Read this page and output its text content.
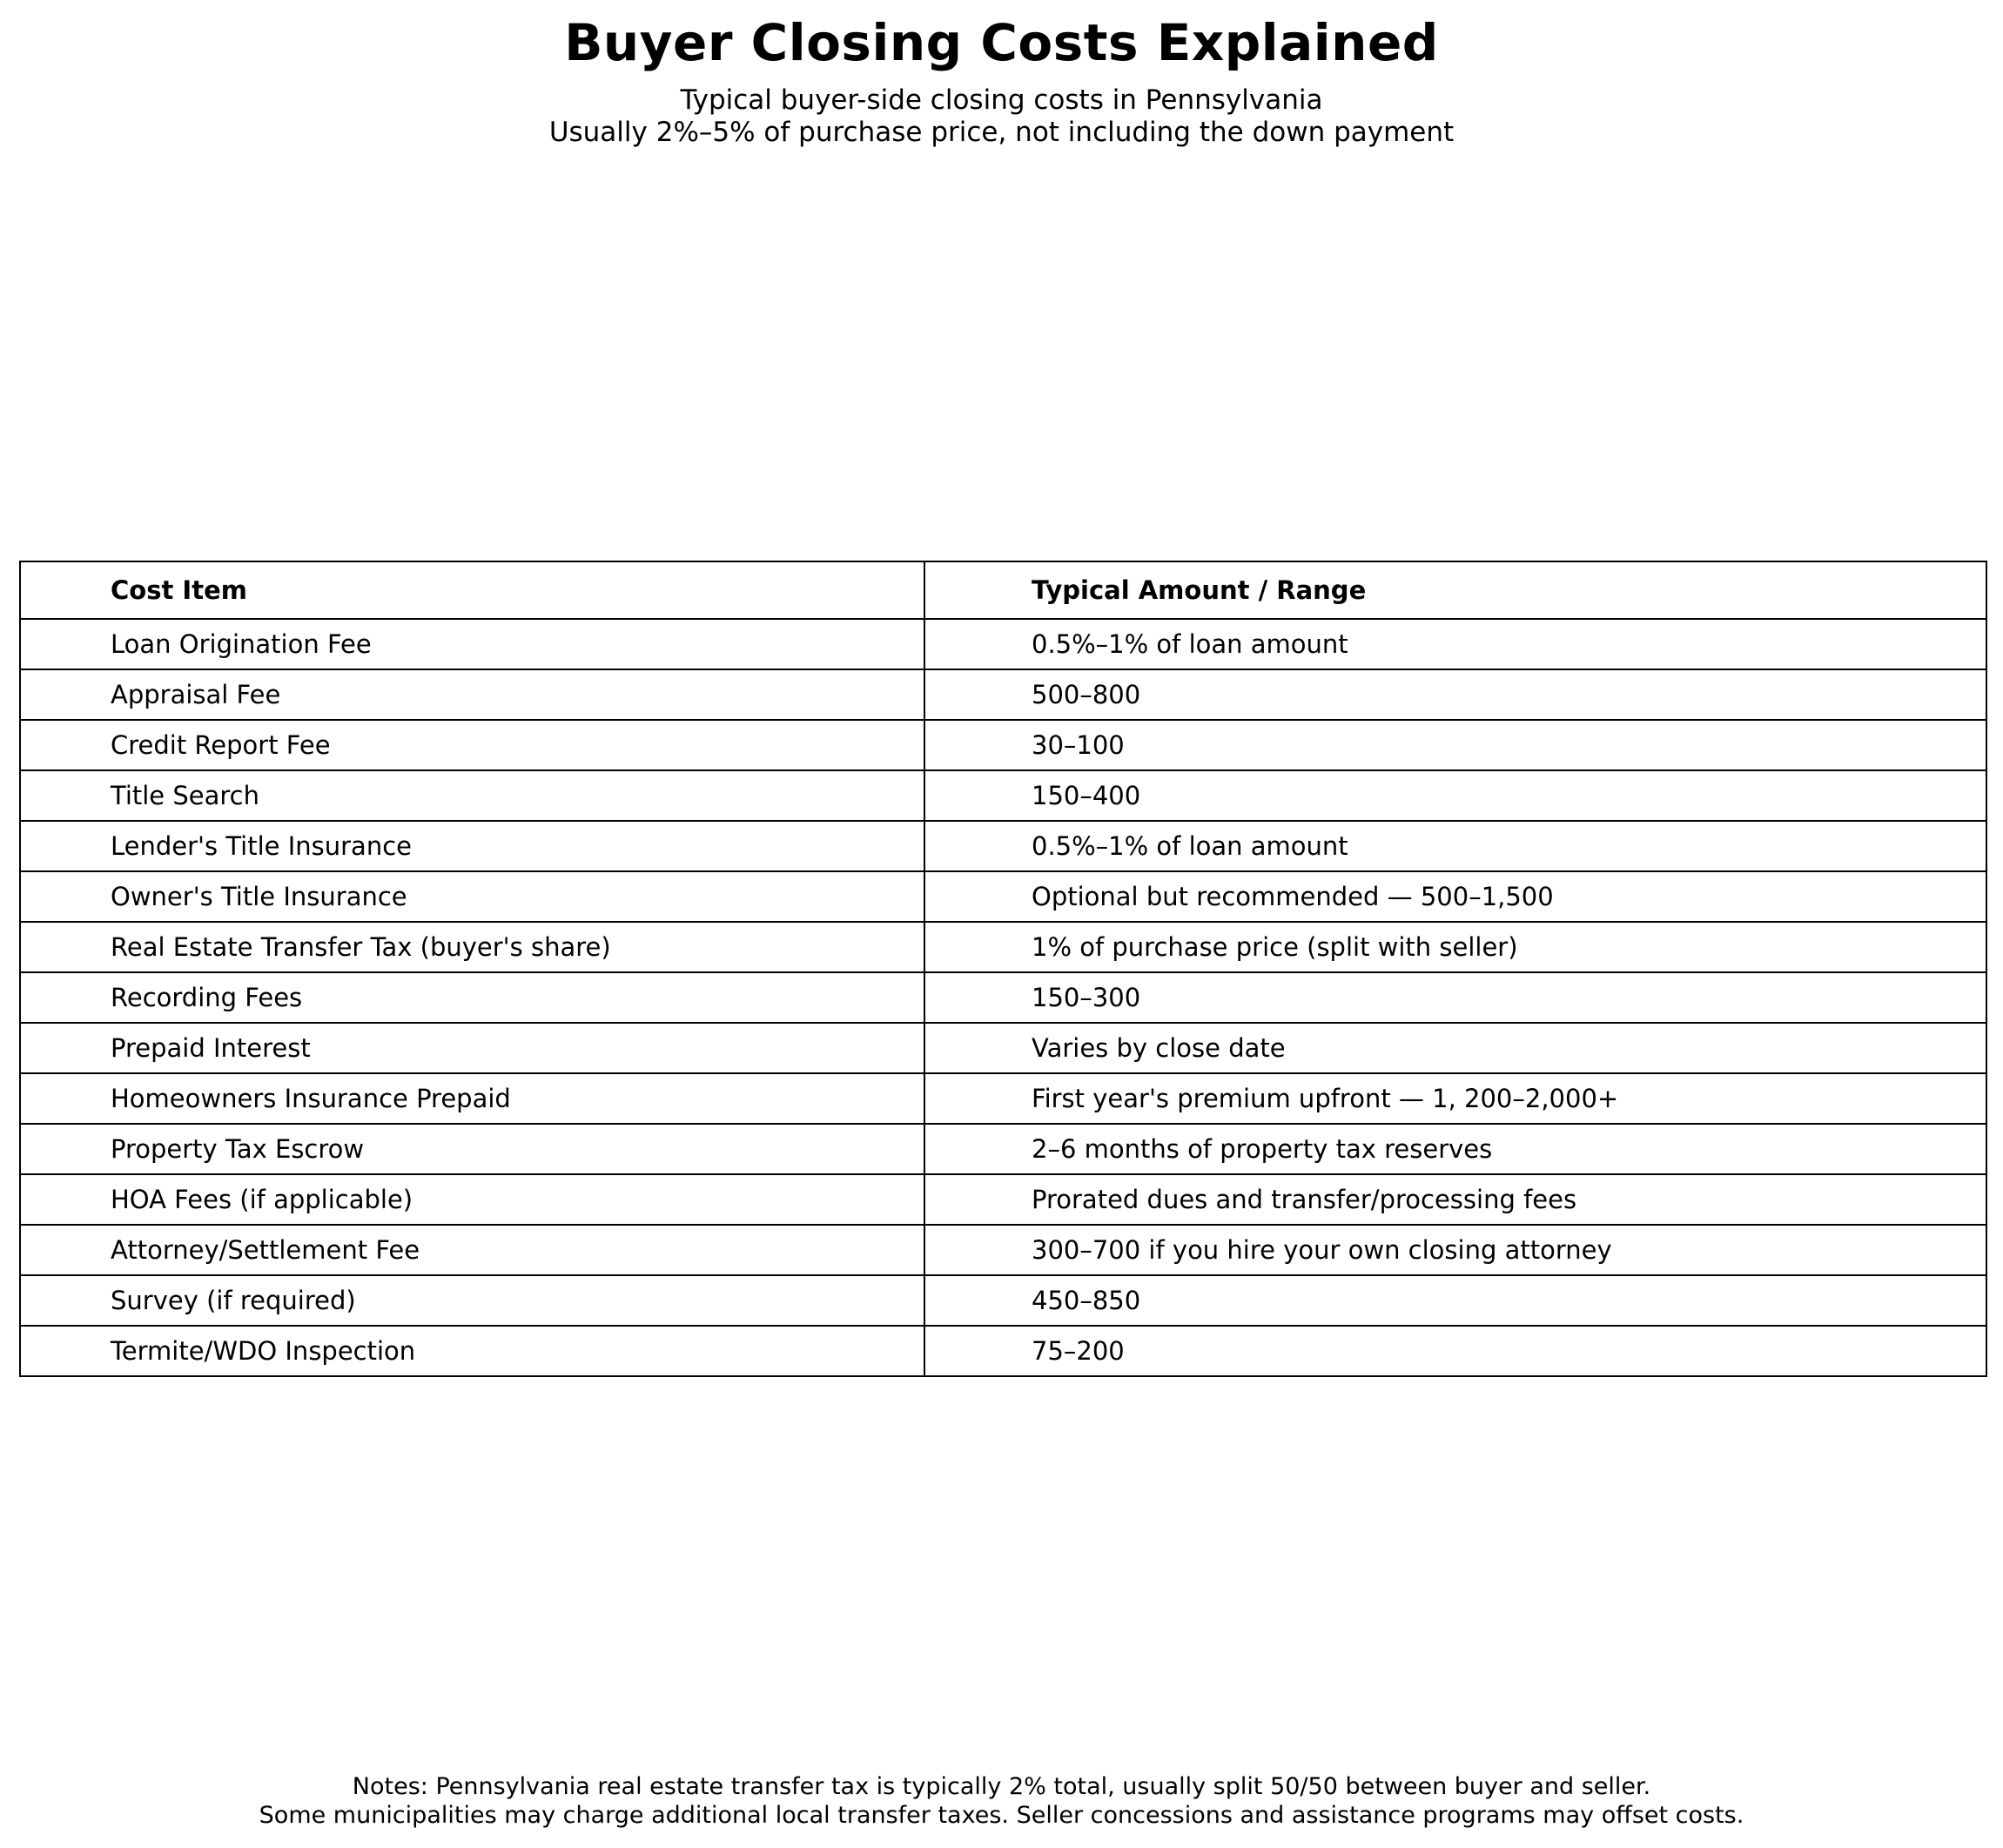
Buyer Closing Costs Explained
Typical buyer-side closing costs in Pennsylvania
Usually 2%–5% of purchase price, not including the down payment
Cost Item	Typical Amount / Range
Loan Origination Fee	0.5%–1% of loan amount
Appraisal Fee	500–800
Credit Report Fee	30–100
Title Search	150–400
Lender's Title Insurance	0.5%–1% of loan amount
Owner's Title Insurance	Optional but recommended — 500–1,500
Real Estate Transfer Tax (buyer's share)	1% of purchase price (split with seller)
Recording Fees	150–300
Prepaid Interest	Varies by close date
Homeowners Insurance Prepaid	First year's premium upfront — 1, 200–2,000+
Property Tax Escrow	2–6 months of property tax reserves
HOA Fees (if applicable)	Prorated dues and transfer/processing fees
Attorney/Settlement Fee	300–700 if you hire your own closing attorney
Survey (if required)	450–850
Termite/WDO Inspection	75–200
Notes: Pennsylvania real estate transfer tax is typically 2% total, usually split 50/50 between buyer and seller.
Some municipalities may charge additional local transfer taxes. Seller concessions and assistance programs may offset costs.
